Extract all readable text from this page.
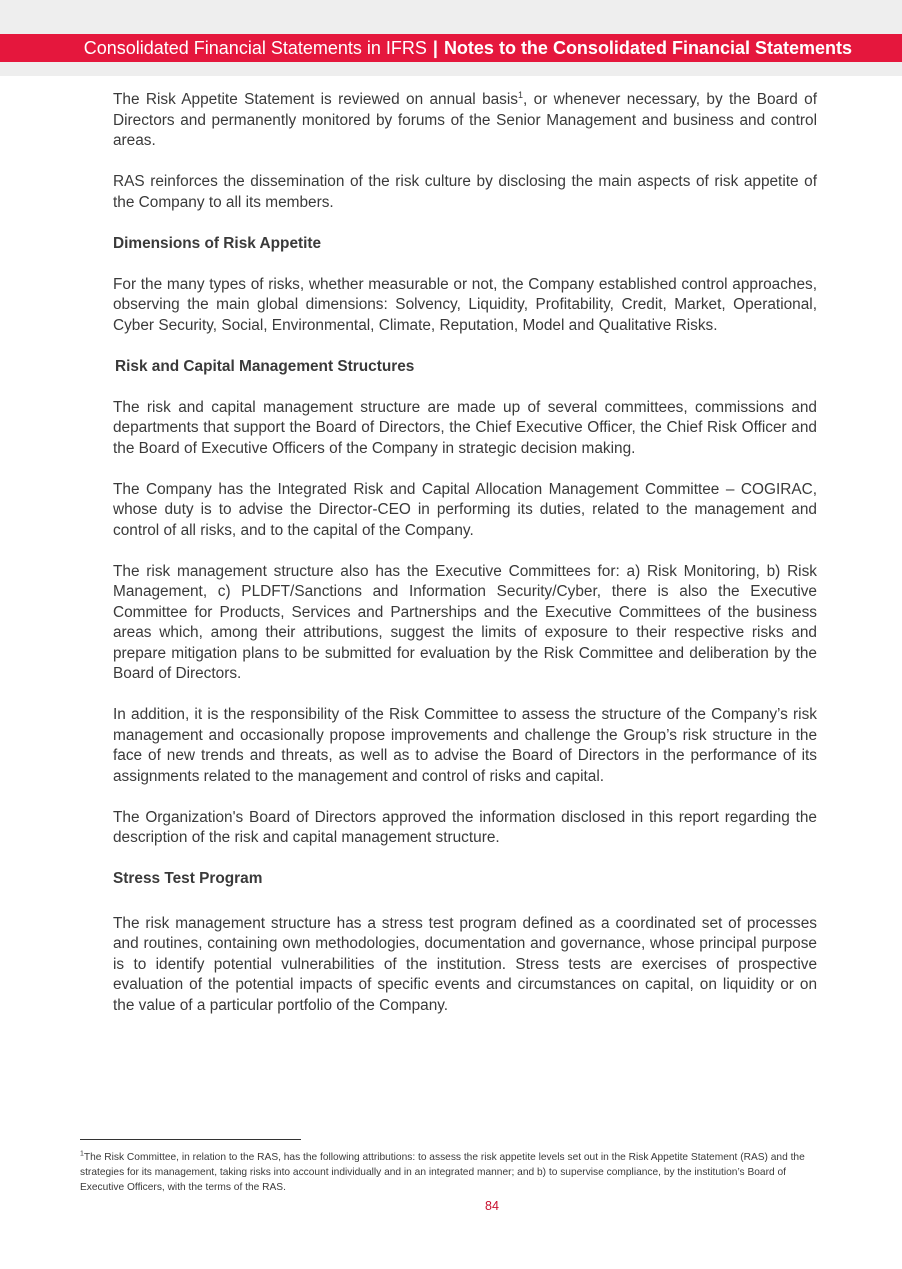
Consolidated Financial Statements in IFRS | Notes to the Consolidated Financial Statements

The Risk Appetite Statement is reviewed on annual basis$^1$, or whenever necessary, by the Board of Directors and permanently monitored by forums of the Senior Management and business and control areas.

RAS reinforces the dissemination of the risk culture by disclosing the main aspects of risk appetite of the Company to all its members.

Dimensions of Risk Appetite

For the many types of risks, whether measurable or not, the Company established control approaches, observing the main global dimensions: Solvency, Liquidity, Profitability, Credit, Market, Operational, Cyber Security, Social, Environmental, Climate, Reputation, Model and Qualitative Risks.

Risk and Capital Management Structures

The risk and capital management structure are made up of several committees, commissions and departments that support the Board of Directors, the Chief Executive Officer, the Chief Risk Officer and the Board of Executive Officers of the Company in strategic decision making.

The Company has the Integrated Risk and Capital Allocation Management Committee – COGIRAC, whose duty is to advise the Director-CEO in performing its duties, related to the management and control of all risks, and to the capital of the Company.

The risk management structure also has the Executive Committees for: a) Risk Monitoring, b) Risk Management, c) PLDFT/Sanctions and Information Security/Cyber, there is also the Executive Committee for Products, Services and Partnerships and the Executive Committees of the business areas which, among their attributions, suggest the limits of exposure to their respective risks and prepare mitigation plans to be submitted for evaluation by the Risk Committee and deliberation by the Board of Directors.

In addition, it is the responsibility of the Risk Committee to assess the structure of the Company’s risk management and occasionally propose improvements and challenge the Group’s risk structure in the face of new trends and threats, as well as to advise the Board of Directors in the performance of its assignments related to the management and control of risks and capital.

The Organization's Board of Directors approved the information disclosed in this report regarding the description of the risk and capital management structure.

Stress Test Program

The risk management structure has a stress test program defined as a coordinated set of processes and routines, containing own methodologies, documentation and governance, whose principal purpose is to identify potential vulnerabilities of the institution. Stress tests are exercises of prospective evaluation of the potential impacts of specific events and circumstances on capital, on liquidity or on the value of a particular portfolio of the Company.

$^1$The Risk Committee, in relation to the RAS, has the following attributions: to assess the risk appetite levels set out in the Risk Appetite Statement (RAS) and the strategies for its management, taking risks into account individually and in an integrated manner; and b) to supervise compliance, by the institution’s Board of Executive Officers, with the terms of the RAS.
84
